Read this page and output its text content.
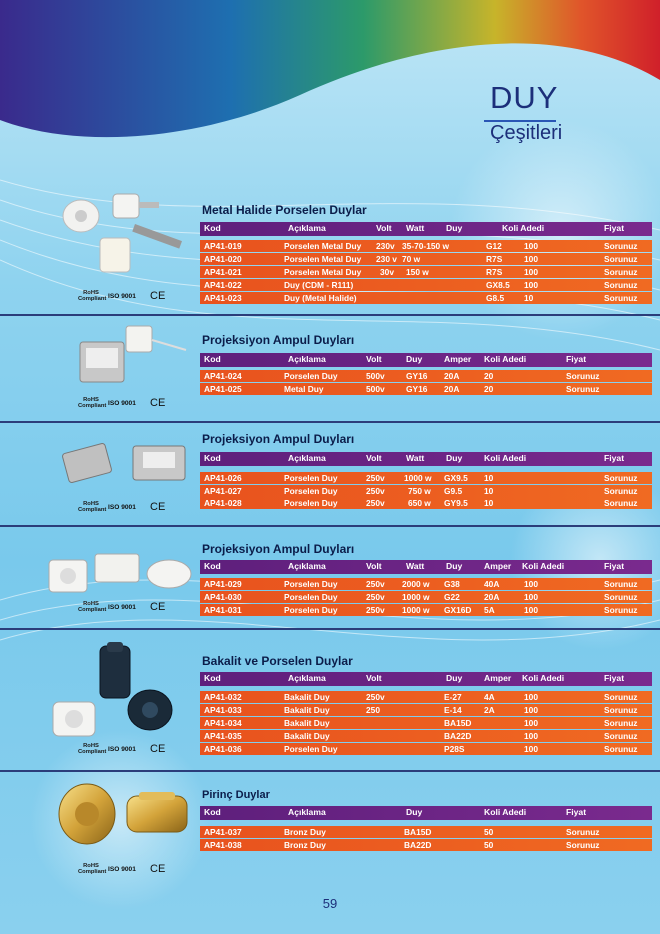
DUY
Çeşitleri
RoHS
Compliant ISO 9001 CE
Metal Halide Porselen Duylar
Kod	Açıklama	Volt Watt	Duy	Koli Adedi	Fiyat
AP41-019	Porselen Metal Duy 230v 35-70-150 w	G12	100	Sorunuz
AP41-020	Porselen Metal Duy 230 v 70 w	R7S	100	Sorunuz
AP41-021	Porselen Metal Duy 30v 150 w	R7S	100	Sorunuz
AP41-022	Duy (CDM - R111)	GX8.5 100	Sorunuz
AP41-023	Duy (Metal Halide)	G8.5 10	Sorunuz
RoHS
Compliant ISO 9001 CE
Projeksiyon Ampul Duyları
Kod	Açıklama	Volt	Duy	Amper Koli Adedi	Fiyat
AP41-024	Porselen Duy	500v	GY16 20A	20	Sorunuz
AP41-025	Metal Duy	500v	GY16 20A	20	Sorunuz
RoHS
Compliant ISO 9001 CE
Projeksiyon Ampul Duyları
Kod	Açıklama	Volt	Watt	Duy	Koli Adedi	Fiyat
AP41-026	Porselen Duy	250v 1000 w GX9.5 10	Sorunuz
AP41-027	Porselen Duy	250v	750 w G9.5	10	Sorunuz
AP41-028	Porselen Duy	250v	650 w GY9.5 10	Sorunuz
RoHS
Compliant ISO 9001 CE
Projeksiyon Ampul Duyları
Kod	Açıklama	Volt	Watt	Duy	Amper Koli Adedi	Fiyat
AP41-029	Porselen Duy	250v 2000 w G38	40A	100	Sorunuz
AP41-030	Porselen Duy	250v 1000 w G22	20A	100	Sorunuz
AP41-031	Porselen Duy	250v 1000 w GX16D 5A	100	Sorunuz
RoHS
Compliant ISO 9001 CE
Bakalit ve Porselen Duylar
Kod	Açıklama	Volt	Duy	Amper Koli Adedi	Fiyat
AP41-032	Bakalit Duy	250v	E-27	4A	100	Sorunuz
AP41-033	Bakalit Duy	250	E-14	2A	100	Sorunuz
AP41-034	Bakalit Duy	BA15D	100	Sorunuz
AP41-035	Bakalit Duy	BA22D	100	Sorunuz
AP41-036	Porselen Duy	P28S	100	Sorunuz
RoHS
Compliant ISO 9001 CE
Pirinç Duylar
Kod	Açıklama	Duy	Koli Adedi	Fiyat
AP41-037	Bronz Duy	BA15D	50	Sorunuz
AP41-038	Bronz Duy	BA22D	50	Sorunuz
59
